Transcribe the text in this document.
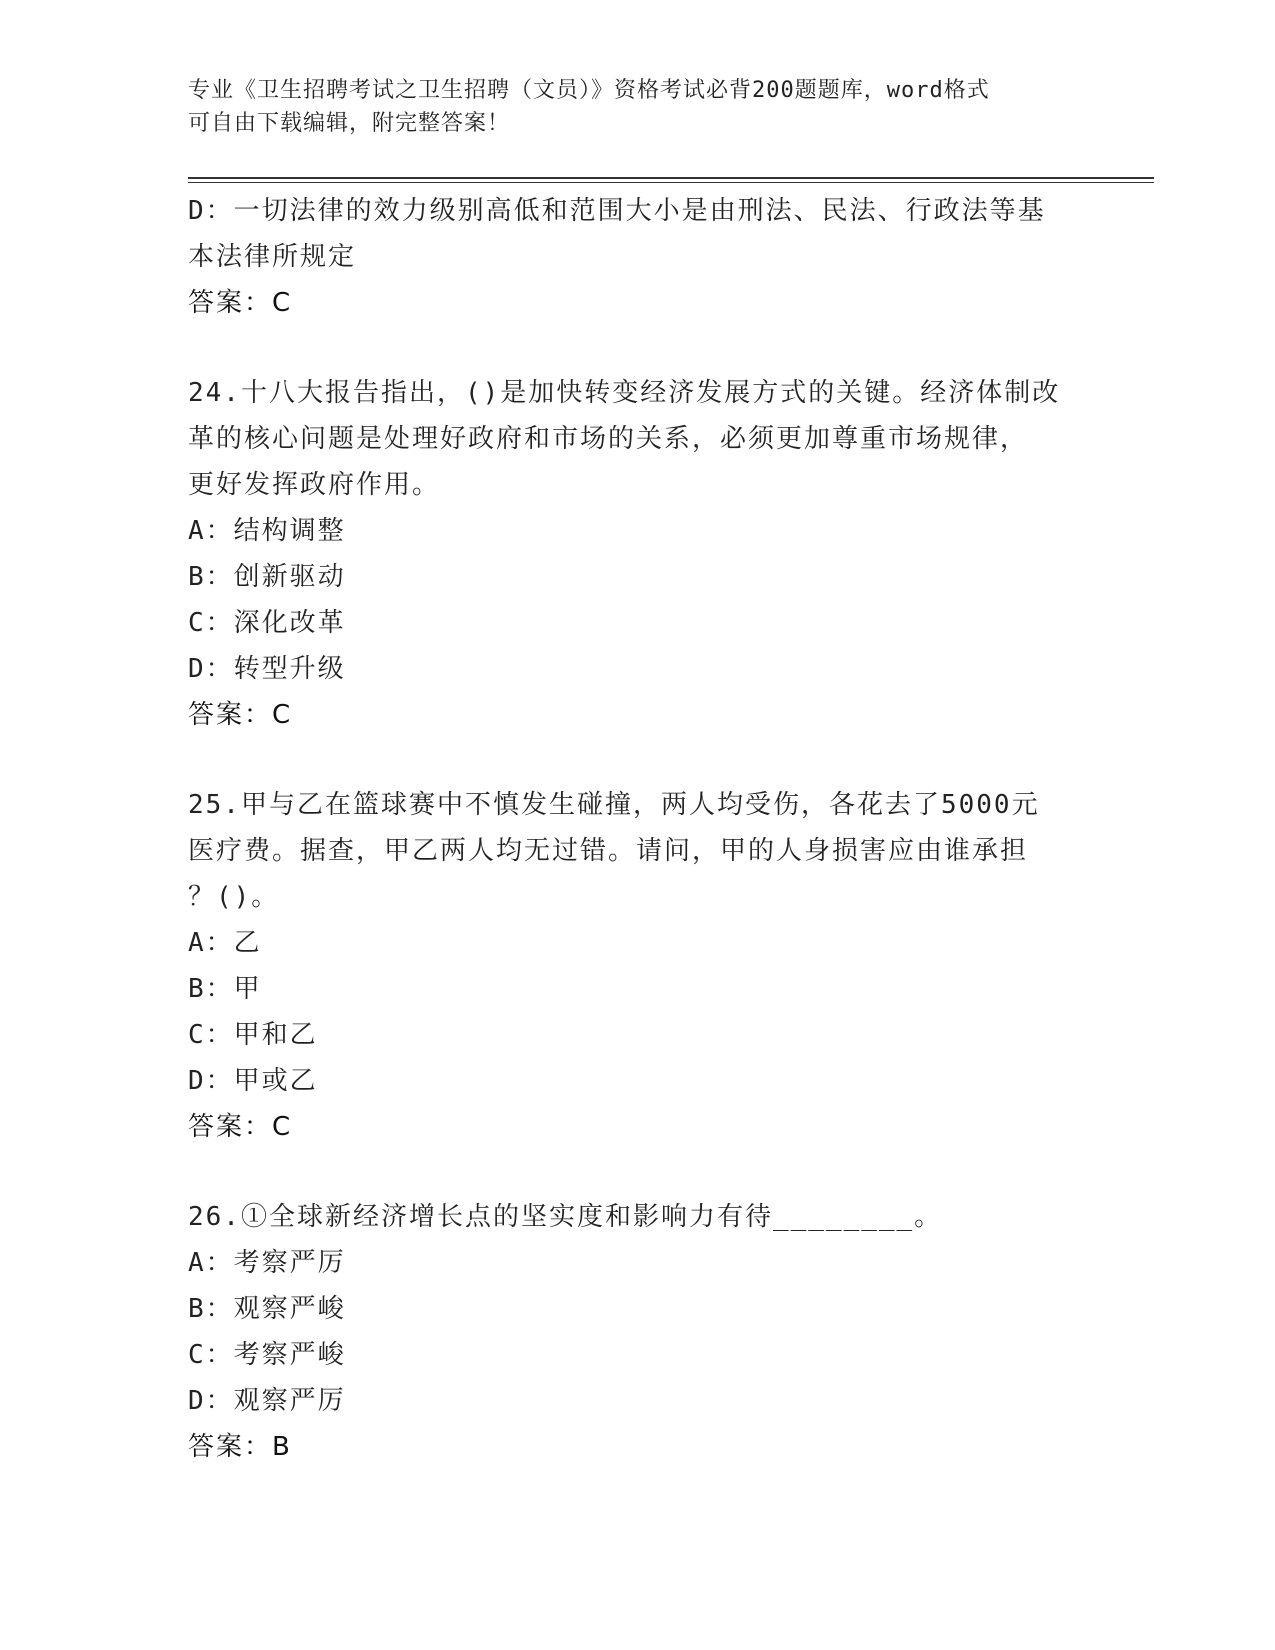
专业《卫生招聘考试之卫生招聘（文员）》资格考试必背200题题库，word格式
可自由下载编辑，附完整答案！
D：一切法律的效力级别高低和范围大小是由刑法、民法、行政法等基
本法律所规定
答案：C
24.十八大报告指出，()是加快转变经济发展方式的关键。经济体制改
革的核心问题是处理好政府和市场的关系，必须更加尊重市场规律，
更好发挥政府作用。
A：结构调整
B：创新驱动
C：深化改革
D：转型升级
答案：C
25.甲与乙在篮球赛中不慎发生碰撞，两人均受伤，各花去了5000元
医疗费。据查，甲乙两人均无过错。请问，甲的人身损害应由谁承担
？()。
A：乙
B：甲
C：甲和乙
D：甲或乙
答案：C
26.①全球新经济增长点的坚实度和影响力有待________。
A：考察严厉
B：观察严峻
C：考察严峻
D：观察严厉
答案：B
